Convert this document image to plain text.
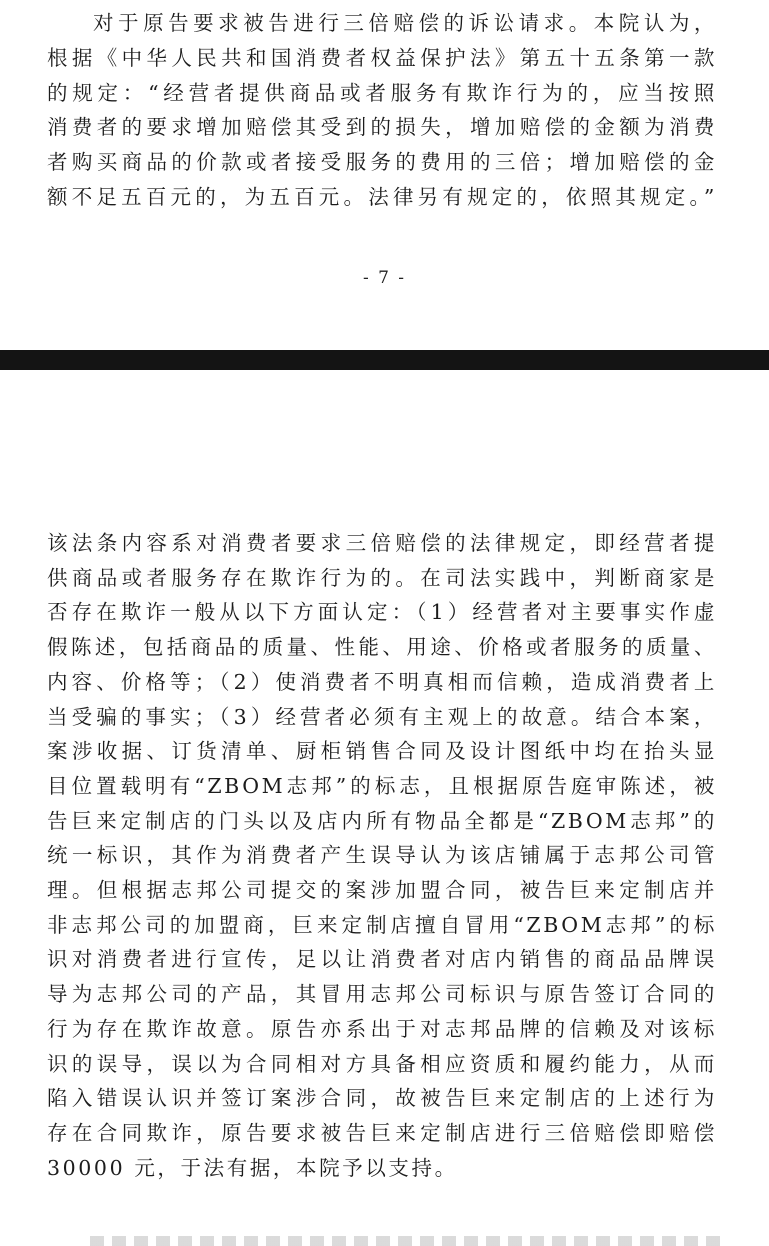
对于原告要求被告进行三倍赔偿的诉讼请求。本院认为，
根据《中华人民共和国消费者权益保护法》第五十五条第一款
的规定：“经营者提供商品或者服务有欺诈行为的，应当按照
消费者的要求增加赔偿其受到的损失，增加赔偿的金额为消费
者购买商品的价款或者接受服务的费用的三倍；增加赔偿的金
额不足五百元的，为五百元。法律另有规定的，依照其规定。”
- 7 -
该法条内容系对消费者要求三倍赔偿的法律规定，即经营者提
供商品或者服务存在欺诈行为的。在司法实践中，判断商家是
否存在欺诈一般从以下方面认定：（1）经营者对主要事实作虚
假陈述，包括商品的质量、性能、用途、价格或者服务的质量、
内容、价格等；（2）使消费者不明真相而信赖，造成消费者上
当受骗的事实；（3）经营者必须有主观上的故意。结合本案，
案涉收据、订货清单、厨柜销售合同及设计图纸中均在抬头显
目位置载明有“ZBOM志邦”的标志，且根据原告庭审陈述，被
告巨来定制店的门头以及店内所有物品全都是“ZBOM志邦”的
统一标识，其作为消费者产生误导认为该店铺属于志邦公司管
理。但根据志邦公司提交的案涉加盟合同，被告巨来定制店并
非志邦公司的加盟商，巨来定制店擅自冒用“ZBOM志邦”的标
识对消费者进行宣传，足以让消费者对店内销售的商品品牌误
导为志邦公司的产品，其冒用志邦公司标识与原告签订合同的
行为存在欺诈故意。原告亦系出于对志邦品牌的信赖及对该标
识的误导，误以为合同相对方具备相应资质和履约能力，从而
陷入错误认识并签订案涉合同，故被告巨来定制店的上述行为
存在合同欺诈，原告要求被告巨来定制店进行三倍赔偿即赔偿
30000 元，于法有据，本院予以支持。
